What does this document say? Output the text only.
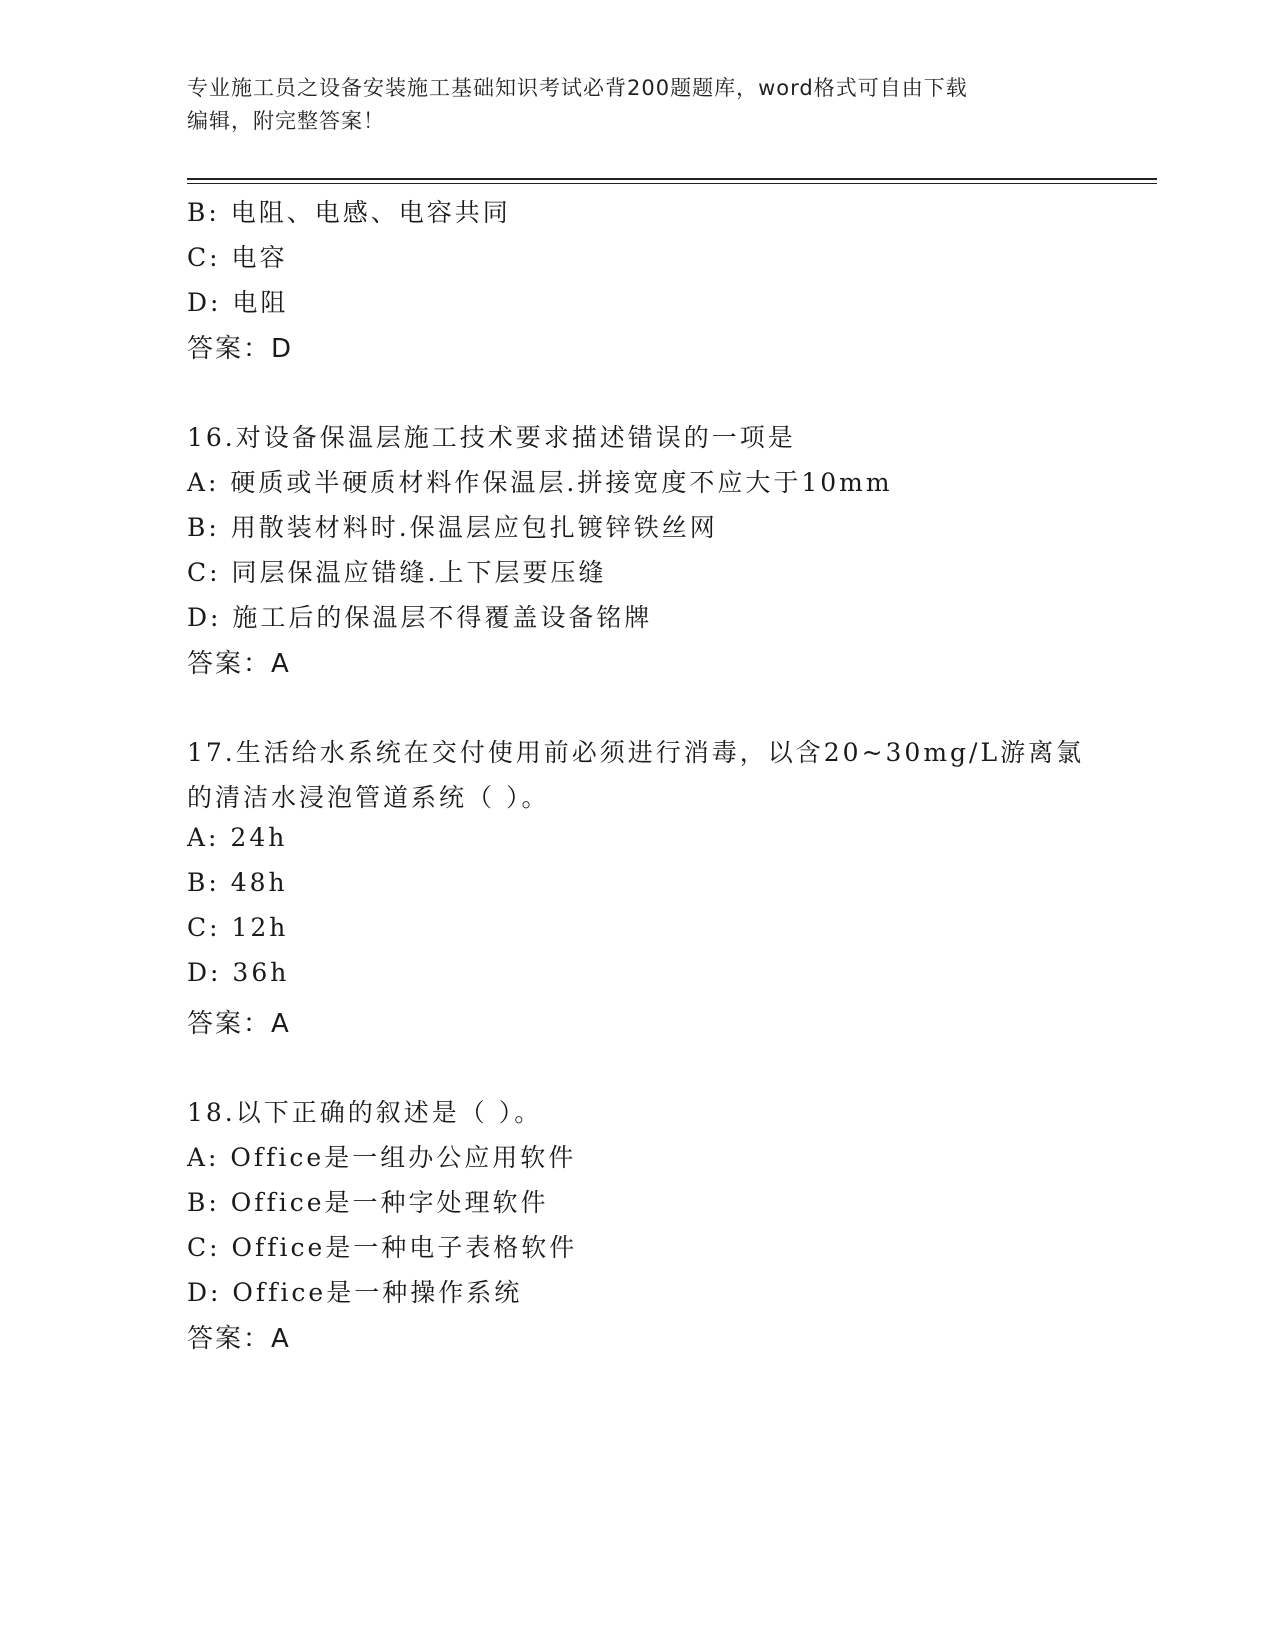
专业施工员之设备安装施工基础知识考试必背200题题库，word格式可自由下载
编辑，附完整答案！
B: 电阻、电感、电容共同
C: 电容
D: 电阻
答案：D
16.对设备保温层施工技术要求描述错误的一项是
A: 硬质或半硬质材料作保温层.拼接宽度不应大于10mm
B: 用散装材料时.保温层应包扎镀锌铁丝网
C: 同层保温应错缝.上下层要压缝
D: 施工后的保温层不得覆盖设备铭牌
答案：A
17.生活给水系统在交付使用前必须进行消毒，以含20~30mg/L游离氯
的清洁水浸泡管道系统（ ）。
A: 24h
B: 48h
C: 12h
D: 36h
答案：A
18.以下正确的叙述是（ ）。
A: Office是一组办公应用软件
B: Office是一种字处理软件
C: Office是一种电子表格软件
D: Office是一种操作系统
答案：A
